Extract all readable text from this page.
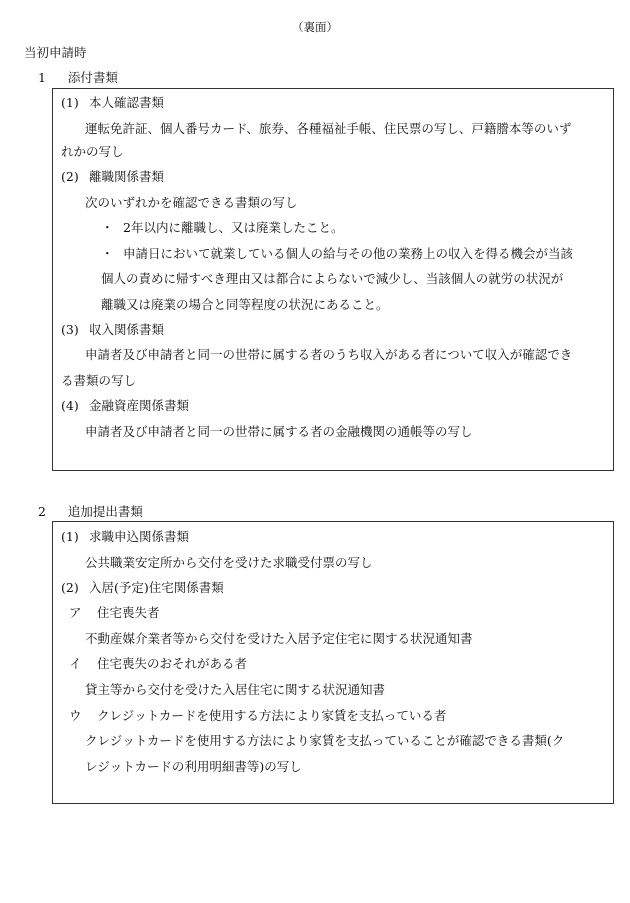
（裏面）
当初申請時
1 添付書類
(1) 本人確認書類
運転免許証、個人番号カード、旅券、各種福祉手帳、住民票の写し、戸籍謄本等のいず
れかの写し
(2) 離職関係書類
次のいずれかを確認できる書類の写し
・ 2年以内に離職し、又は廃業したこと。
・ 申請日において就業している個人の給与その他の業務上の収入を得る機会が当該
個人の責めに帰すべき理由又は都合によらないで減少し、当該個人の就労の状況が
離職又は廃業の場合と同等程度の状況にあること。
(3) 収入関係書類
申請者及び申請者と同一の世帯に属する者のうち収入がある者について収入が確認でき
る書類の写し
(4) 金融資産関係書類
申請者及び申請者と同一の世帯に属する者の金融機関の通帳等の写し
2 追加提出書類
(1) 求職申込関係書類
公共職業安定所から交付を受けた求職受付票の写し
(2) 入居(予定)住宅関係書類
ア 住宅喪失者
不動産媒介業者等から交付を受けた入居予定住宅に関する状況通知書
イ 住宅喪失のおそれがある者
貸主等から交付を受けた入居住宅に関する状況通知書
ウ クレジットカードを使用する方法により家賃を支払っている者
クレジットカードを使用する方法により家賃を支払っていることが確認できる書類(ク
レジットカードの利用明細書等)の写し
